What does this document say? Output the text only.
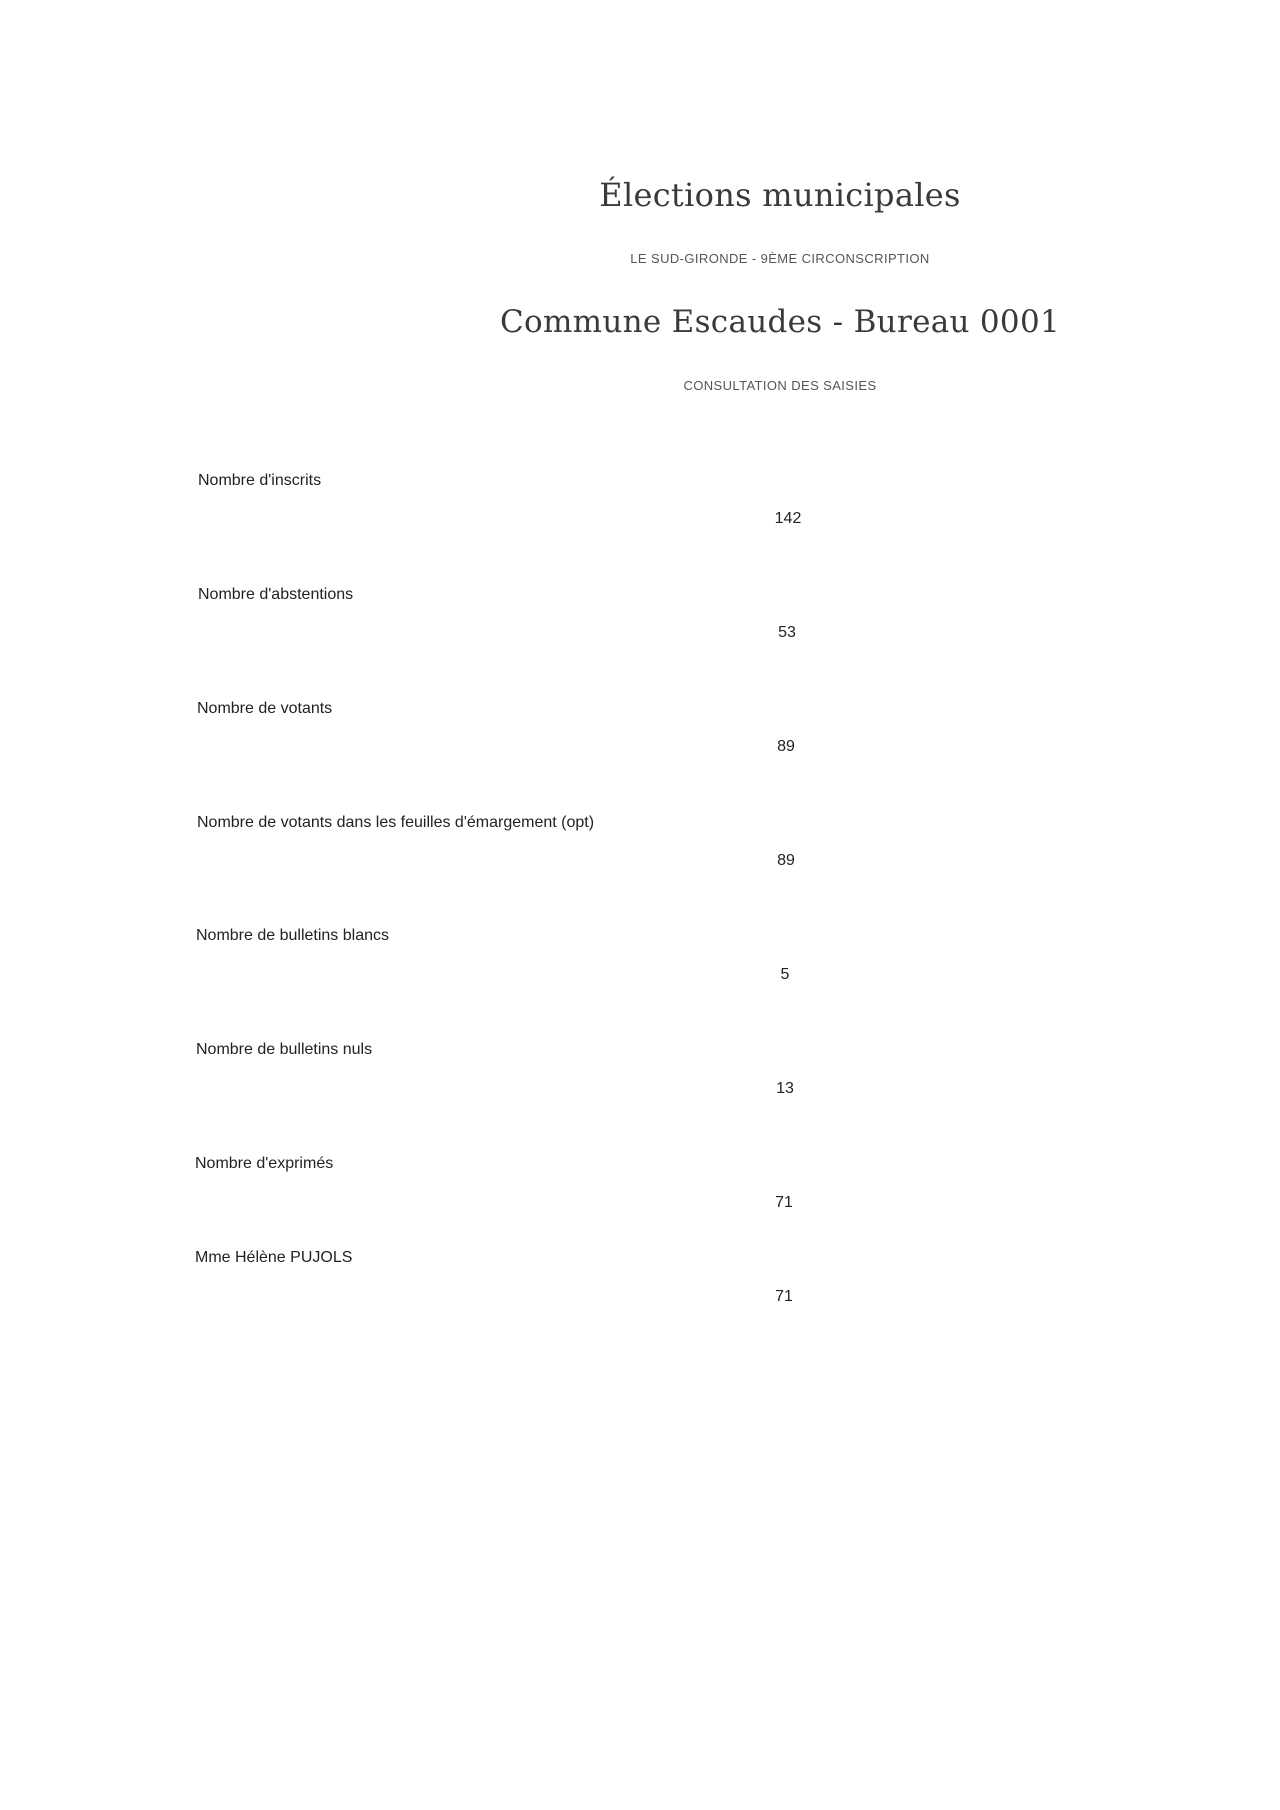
Élections municipales

LE SUD-GIRONDE - 9ÈME CIRCONSCRIPTION

Commune Escaudes - Bureau 0001

CONSULTATION DES SAISIES

Nombre d'inscrits

142

Nombre d'abstentions

53

Nombre de votants

89

Nombre de votants dans les feuilles d'émargement (opt)

89

Nombre de bulletins blancs

5

Nombre de bulletins nuls

13

Nombre d'exprimés

71

Mme Hélène PUJOLS

71
